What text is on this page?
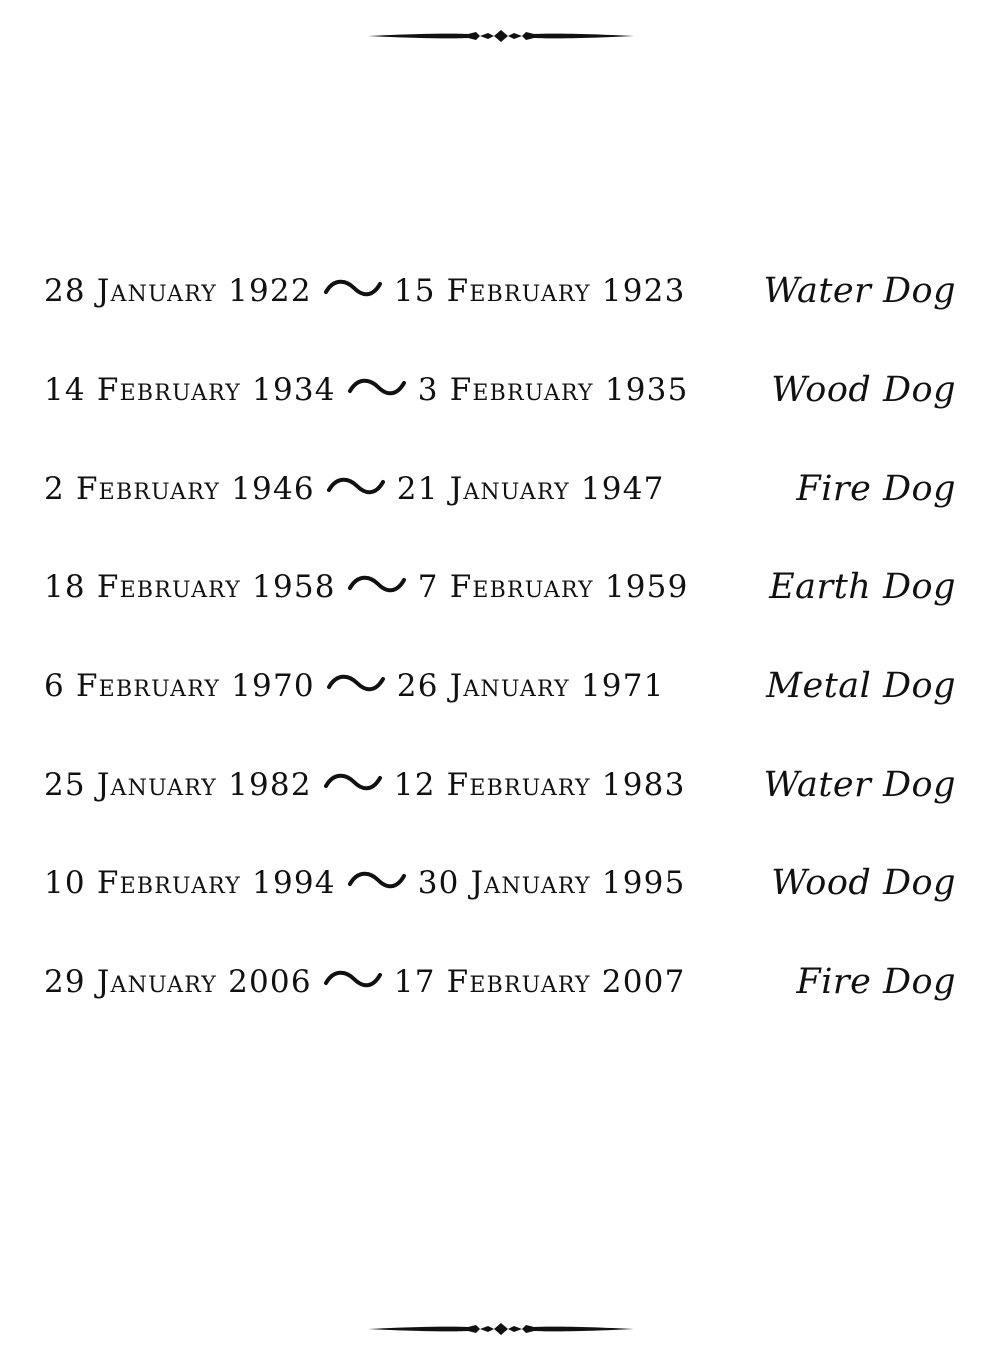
28 January 1922	15 February 1923 Water Dog
14 February 1934	3 February 1935 Wood Dog
2 February 1946	21 January 1947	Fire Dog
18 February 1958	7 February 1959 Earth Dog
6 February 1970	26 January 1971	Metal Dog
25 January 1982	12 February 1983 Water Dog
10 February 1994	30 January 1995 Wood Dog
29 January 2006	17 February 2007	Fire Dog
